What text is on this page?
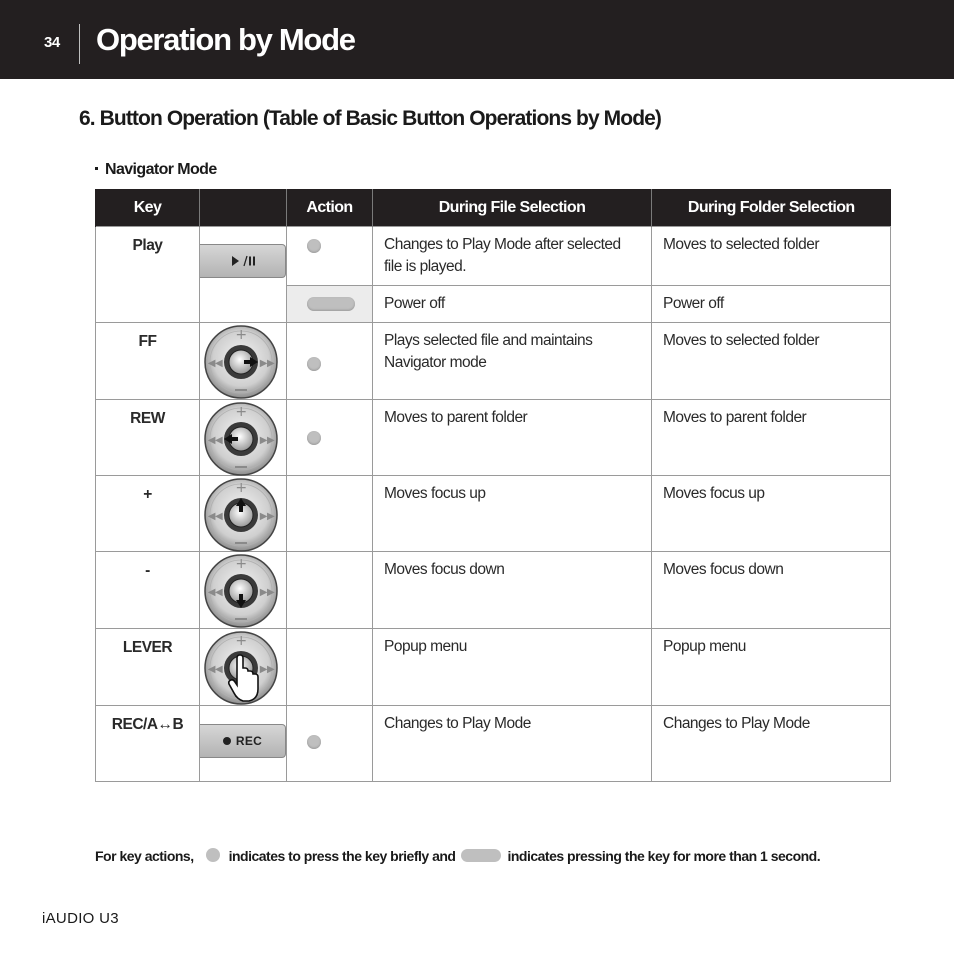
34 Operation by Mode
6. Button Operation (Table of Basic Button Operations by Mode)
Navigator Mode
Key		Action	During File Selection	During Folder Selection
Play			Changes to Play Mode after selected file is played.	Moves to selected folder

			Power off	Power off
FF			Plays selected file and maintains Navigator mode	Moves to selected folder
REW			Moves to parent folder	Moves to parent folder
+			Moves focus up	Moves focus up
-			Moves focus down	Moves focus down
LEVER			Popup menu	Popup menu
REC/A↔B	REC		Changes to Play Mode	Changes to Play Mode
For key actions,	indicates to press the key briefly and	indicates pressing the key for more than 1 second.
iAUDIO U3
